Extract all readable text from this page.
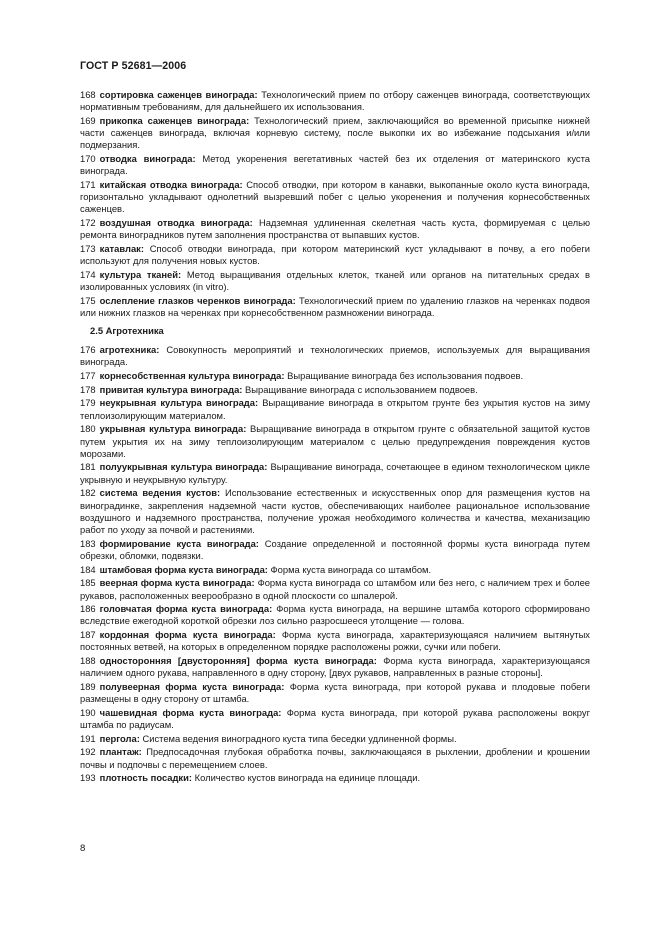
ГОСТ Р 52681—2006

168 сортировка саженцев винограда: Технологический прием по отбору саженцев винограда, соответствующих нормативным требованиям, для дальнейшего их использования.

169 прикопка саженцев винограда: Технологический прием, заключающийся во временной присыпке нижней части саженцев винограда, включая корневую систему, после выкопки их во избежание подсыхания и/или подмерзания.

170 отводка винограда: Метод укоренения вегетативных частей без их отделения от материнского куста винограда.

171 китайская отводка винограда: Способ отводки, при котором в канавки, выкопанные около куста винограда, горизонтально укладывают однолетний вызревший побег с целью укоренения и получения корнесобственных саженцев.

172 воздушная отводка винограда: Надземная удлиненная скелетная часть куста, формируемая с целью ремонта виноградников путем заполнения пространства от выпавших кустов.

173 катавлак: Способ отводки винограда, при котором материнский куст укладывают в почву, а его побеги используют для получения новых кустов.

174 культура тканей: Метод выращивания отдельных клеток, тканей или органов на питательных средах в изолированных условиях (in vitro).

175 ослепление глазков черенков винограда: Технологический прием по удалению глазков на черенках подвоя или нижних глазков на черенках при корнесобственном размножении винограда.

2.5 Агротехника

176 агротехника: Совокупность мероприятий и технологических приемов, используемых для выращивания винограда.

177 корнесобственная культура винограда: Выращивание винограда без использования подвоев.

178 привитая культура винограда: Выращивание винограда с использованием подвоев.

179 неукрывная культура винограда: Выращивание винограда в открытом грунте без укрытия кустов на зиму теплоизолирующим материалом.

180 укрывная культура винограда: Выращивание винограда в открытом грунте с обязательной защитой кустов путем укрытия их на зиму теплоизолирующим материалом с целью предупреждения повреждения кустов морозами.

181 полуукрывная культура винограда: Выращивание винограда, сочетающее в едином технологическом цикле укрывную и неукрывную культуру.

182 система ведения кустов: Использование естественных и искусственных опор для размещения кустов на виноградинке, закрепления надземной части кустов, обеспечивающих наиболее рациональное использование воздушного и надземного пространства, получение урожая необходимого количества и качества, механизацию работ по уходу за почвой и растениями.

183 формирование куста винограда: Создание определенной и постоянной формы куста винограда путем обрезки, обломки, подвязки.

184 штамбовая форма куста винограда: Форма куста винограда со штамбом.

185 веерная форма куста винограда: Форма куста винограда со штамбом или без него, с наличием трех и более рукавов, расположенных веерообразно в одной плоскости со шпалерой.

186 головчатая форма куста винограда: Форма куста винограда, на вершине штамба которого сформировано вследствие ежегодной короткой обрезки лоз сильно разросшееся утолщение — голова.

187 кордонная форма куста винограда: Форма куста винограда, характеризующаяся наличием вытянутых постоянных ветвей, на которых в определенном порядке расположены рожки, сучки или побеги.

188 односторонняя [двусторонняя] форма куста винограда: Форма куста винограда, характеризующаяся наличием одного рукава, направленного в одну сторону, [двух рукавов, направленных в разные стороны].

189 полувеерная форма куста винограда: Форма куста винограда, при которой рукава и плодовые побеги размещены в одну сторону от штамба.

190 чашевидная форма куста винограда: Форма куста винограда, при которой рукава расположены вокруг штамба по радиусам.

191 пергола: Система ведения виноградного куста типа беседки удлиненной формы.

192 плантаж: Предпосадочная глубокая обработка почвы, заключающаяся в рыхлении, дроблении и крошении почвы и подпочвы с перемещением слоев.

193 плотность посадки: Количество кустов винограда на единице площади.

8
